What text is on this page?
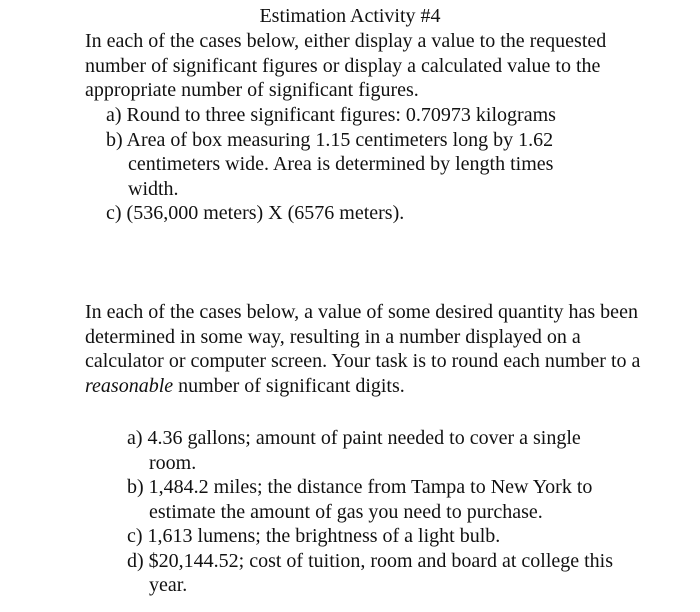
Estimation Activity #4

In each of the cases below, either display a value to the requested number of significant figures or display a calculated value to the appropriate number of significant figures.

a) Round to three significant figures: 0.70973 kilograms
b) Area of box measuring 1.15 centimeters long by 1.62 centimeters wide. Area is determined by length times width.
c) (536,000 meters) X (6576 meters).

In each of the cases below, a value of some desired quantity has been determined in some way, resulting in a number displayed on a calculator or computer screen. Your task is to round each number to a reasonable number of significant digits.

a) 4.36 gallons; amount of paint needed to cover a single room.
b) 1,484.2 miles; the distance from Tampa to New York to estimate the amount of gas you need to purchase.
c) 1,613 lumens; the brightness of a light bulb.
d) $20,144.52; cost of tuition, room and board at college this year.
